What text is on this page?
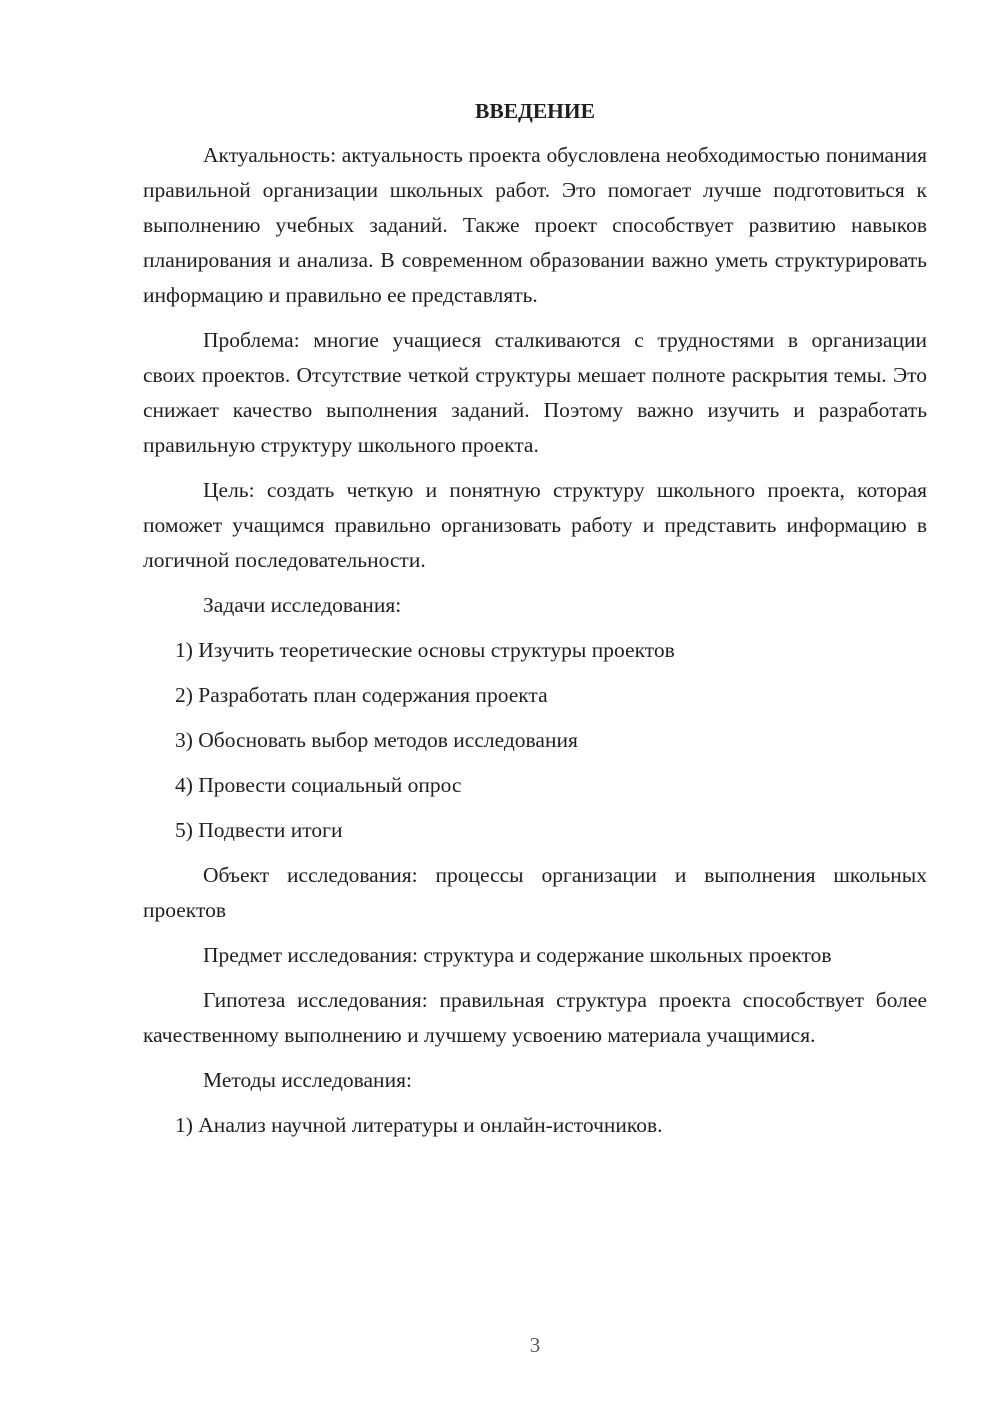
ВВЕДЕНИЕ

Актуальность: актуальность проекта обусловлена необходимостью понимания правильной организации школьных работ. Это помогает лучше подготовиться к выполнению учебных заданий. Также проект способствует развитию навыков планирования и анализа. В современном образовании важно уметь структурировать информацию и правильно ее представлять.

Проблема: многие учащиеся сталкиваются с трудностями в организации своих проектов. Отсутствие четкой структуры мешает полноте раскрытия темы. Это снижает качество выполнения заданий. Поэтому важно изучить и разработать правильную структуру школьного проекта.

Цель: создать четкую и понятную структуру школьного проекта, которая поможет учащимся правильно организовать работу и представить информацию в логичной последовательности.

Задачи исследования:

1) Изучить теоретические основы структуры проектов
2) Разработать план содержания проекта
3) Обосновать выбор методов исследования
4) Провести социальный опрос
5) Подвести итоги

Объект исследования: процессы организации и выполнения школьных проектов

Предмет исследования: структура и содержание школьных проектов

Гипотеза исследования: правильная структура проекта способствует более качественному выполнению и лучшему усвоению материала учащимися.

Методы исследования:

1) Анализ научной литературы и онлайн-источников.
3
